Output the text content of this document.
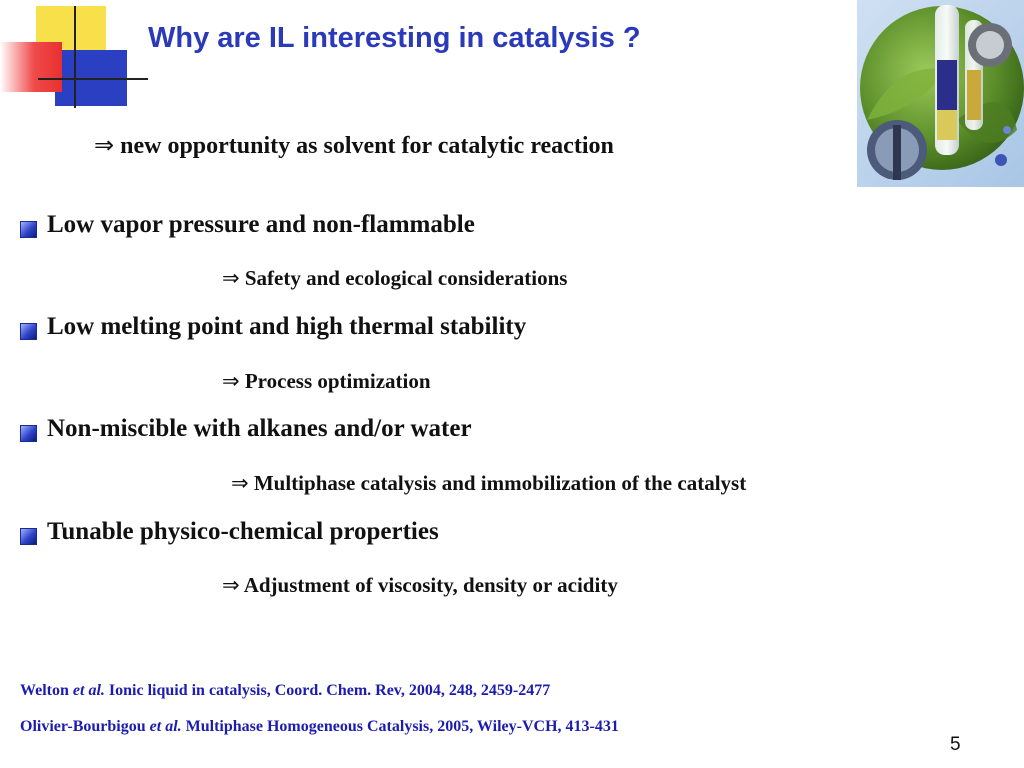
Why are IL interesting in catalysis ?
⇒ new opportunity as solvent for catalytic reaction
Low vapor pressure and non-flammable
⇒ Safety and ecological considerations
Low melting point and high thermal stability
⇒ Process optimization
Non-miscible with alkanes and/or water
⇒ Multiphase catalysis and immobilization of the catalyst
Tunable physico-chemical properties
⇒ Adjustment of viscosity, density or acidity
Welton et al. Ionic liquid in catalysis, Coord. Chem. Rev, 2004, 248, 2459-2477
Olivier-Bourbigou et al. Multiphase Homogeneous Catalysis, 2005, Wiley-VCH, 413-431
5
